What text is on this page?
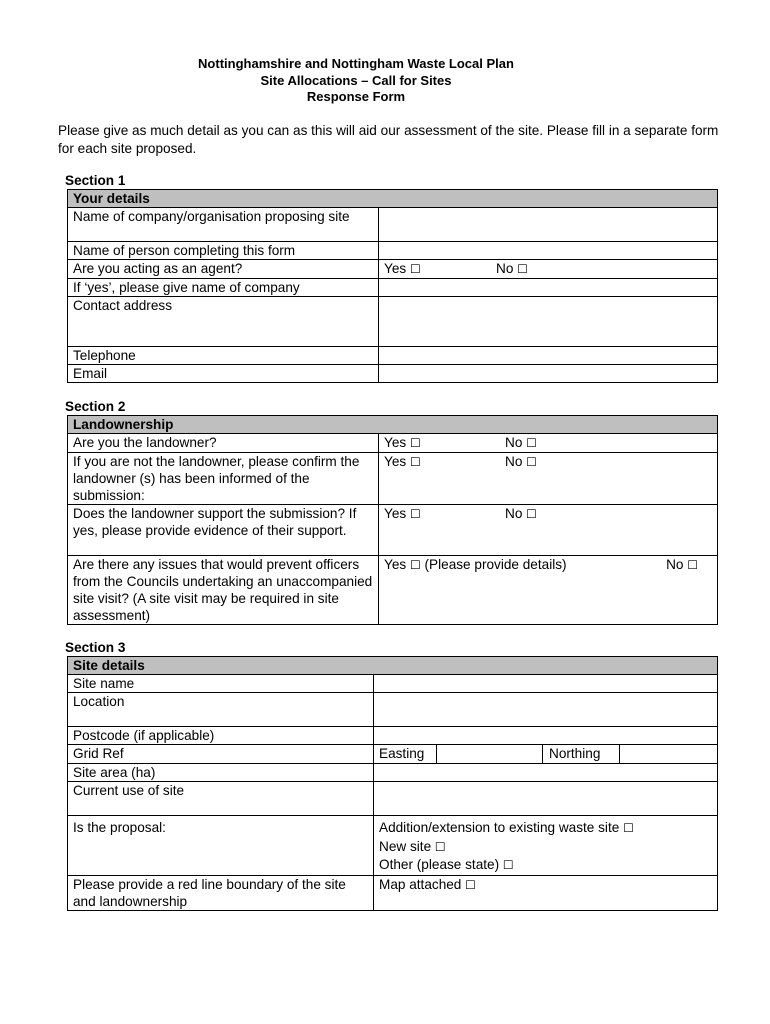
Nottinghamshire and Nottingham Waste Local Plan
Site Allocations – Call for Sites
Response Form
Please give as much detail as you can as this will aid our assessment of the site. Please fill in a separate form for each site proposed.
Section 1
Your details	
Name of company/organisation proposing site	
Name of person completing this form	
Are you acting as an agent?	Yes ☐ No ☐

If ‘yes’, please give name of company	
Contact address	
Telephone	
Email	
Section 2
Landownership	
Are you the landowner?	Yes ☐ No ☐

If you are not the landowner, please confirm the landowner (s) has been informed of the submission:	Yes ☐ No ☐

Does the landowner support the submission? If yes, please provide evidence of their support.	Yes ☐ No ☐

Are there any issues that would prevent officers from the Councils undertaking an unaccompanied site visit? (A site visit may be required in site assessment)	Yes ☐ (Please provide details) No ☐
Section 3
Site details	
Site name	
Location	
Postcode (if applicable)	
Grid Ref	Easting Northing

Site area (ha)	
Current use of site	
Is the proposal:	Addition/extension to existing waste site ☐
New site ☐
Other (please state) ☐

Please provide a red line boundary of the site and landownership	Map attached ☐
